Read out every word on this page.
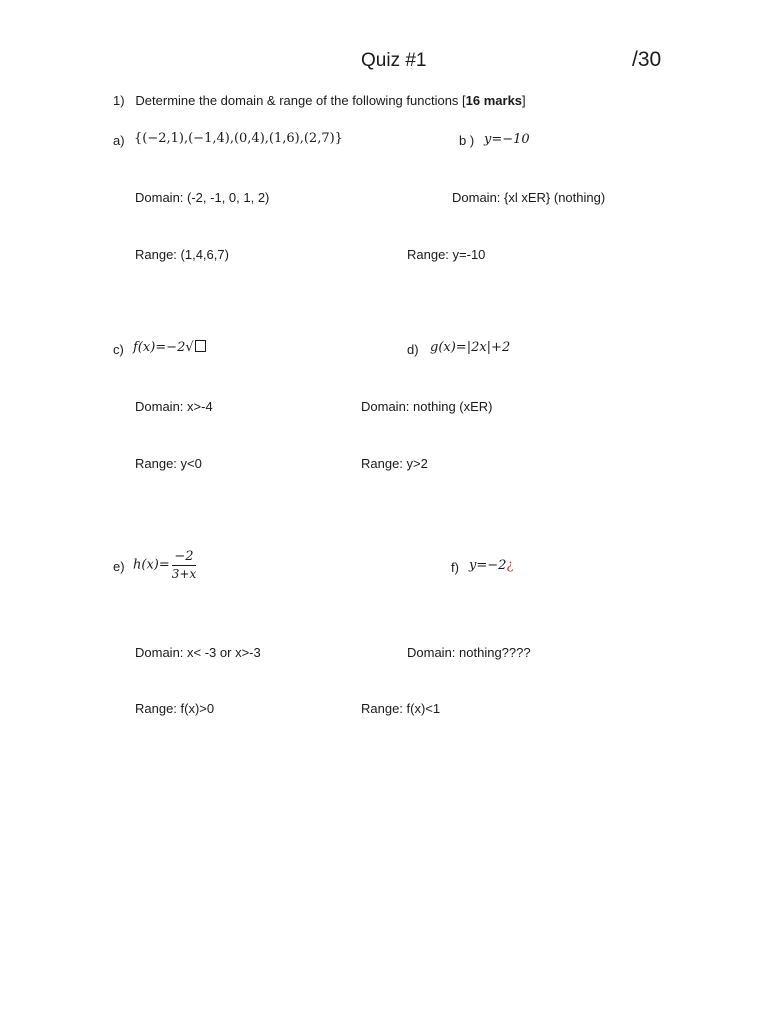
Quiz #1	/30
1) Determine the domain & range of the following functions [16 marks]
a) {(−2,1),(−1,4),(0,4),(1,6),(2,7)}
Domain: (-2, -1, 0, 1, 2)
Range: (1,4,6,7)
b ) y=−10
Domain: {xl xER} (nothing)
Range: y=-10
c) f(x)=−2√
Domain: x>-4
Range: y<0
d) g(x)=|2x|+2
Domain: nothing (xER)
Range: y>2
e) $h(x)= \frac{-2}{3+x}$
Domain: x< -3 or x>-3
Range: f(x)>0
f) y=−2¿
Domain: nothing????
Range: f(x)<1
